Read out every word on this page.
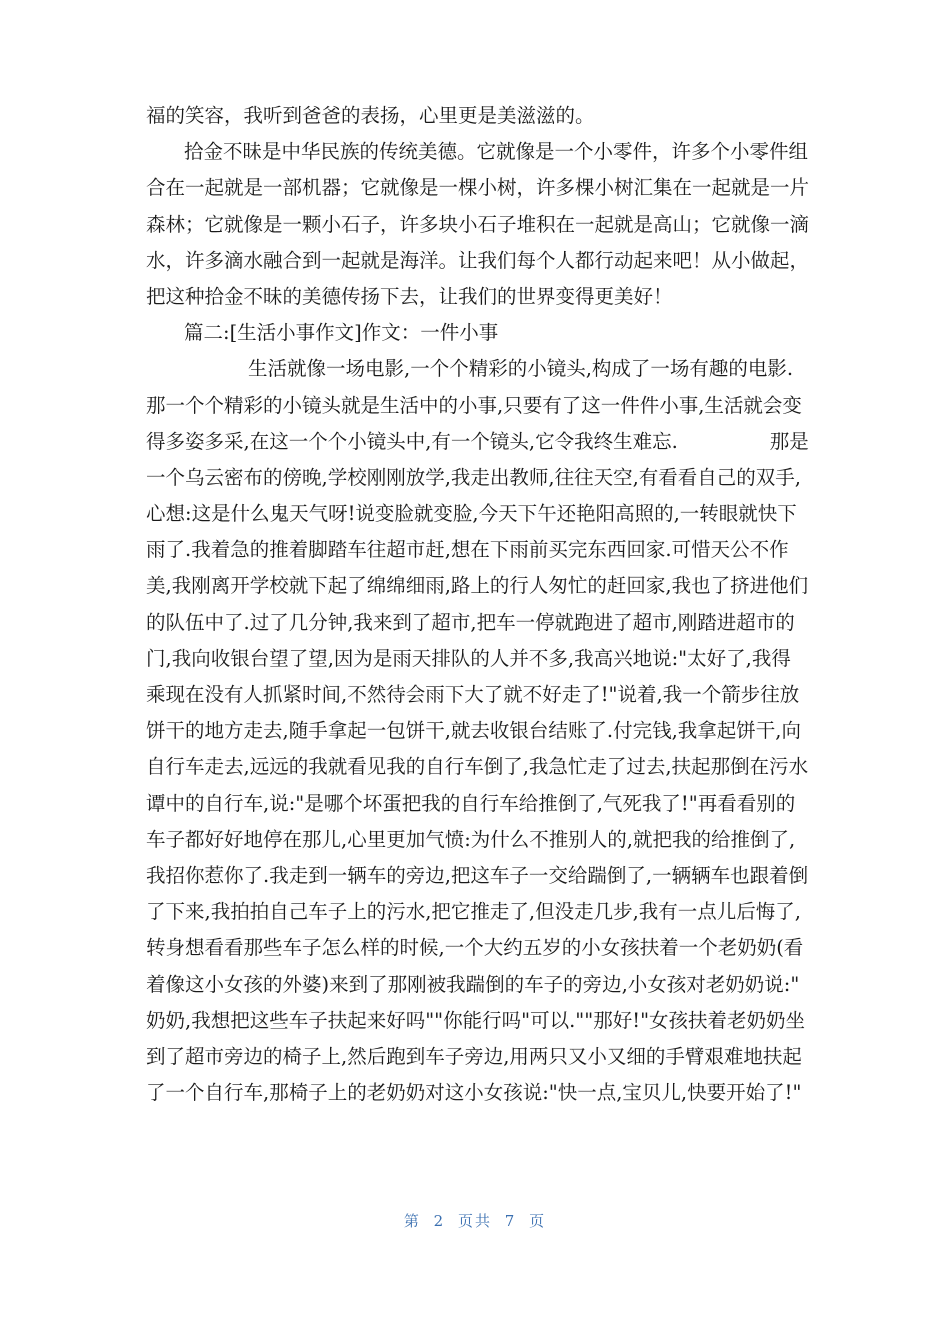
福的笑容，我听到爸爸的表扬，心里更是美滋滋的。
拾金不昧是中华民族的传统美德。它就像是一个小零件，许多个小零件组
合在一起就是一部机器；它就像是一棵小树，许多棵小树汇集在一起就是一片
森林；它就像是一颗小石子，许多块小石子堆积在一起就是高山；它就像一滴
水，许多滴水融合到一起就是海洋。让我们每个人都行动起来吧！从小做起，
把这种拾金不昧的美德传扬下去，让我们的世界变得更美好！
篇二:[生活小事作文]作文：一件小事
生活就像一场电影,一个个精彩的小镜头,构成了一场有趣的电影.
那一个个精彩的小镜头就是生活中的小事,只要有了这一件件小事,生活就会变
得多姿多采,在这一个个小镜头中,有一个镜头,它令我终生难忘.	那是
一个乌云密布的傍晚,学校刚刚放学,我走出教师,往往天空,有看看自己的双手,
心想:这是什么鬼天气呀!说变脸就变脸,今天下午还艳阳高照的,一转眼就快下
雨了.我着急的推着脚踏车往超市赶,想在下雨前买完东西回家.可惜天公不作
美,我刚离开学校就下起了绵绵细雨,路上的行人匆忙的赶回家,我也了挤进他们
的队伍中了.过了几分钟,我来到了超市,把车一停就跑进了超市,刚踏进超市的
门,我向收银台望了望,因为是雨天排队的人并不多,我高兴地说:"太好了,我得
乘现在没有人抓紧时间,不然待会雨下大了就不好走了!"说着,我一个箭步往放
饼干的地方走去,随手拿起一包饼干,就去收银台结账了.付完钱,我拿起饼干,向
自行车走去,远远的我就看见我的自行车倒了,我急忙走了过去,扶起那倒在污水
谭中的自行车,说:"是哪个坏蛋把我的自行车给推倒了,气死我了!"再看看别的
车子都好好地停在那儿,心里更加气愤:为什么不推别人的,就把我的给推倒了,
我招你惹你了.我走到一辆车的旁边,把这车子一交给踹倒了,一辆辆车也跟着倒
了下来,我拍拍自己车子上的污水,把它推走了,但没走几步,我有一点儿后悔了,
转身想看看那些车子怎么样的时候,一个大约五岁的小女孩扶着一个老奶奶(看
着像这小女孩的外婆)来到了那刚被我踹倒的车子的旁边,小女孩对老奶奶说:"
奶奶,我想把这些车子扶起来好吗""你能行吗"可以.""那好!"女孩扶着老奶奶坐
到了超市旁边的椅子上,然后跑到车子旁边,用两只又小又细的手臂艰难地扶起
了一个自行车,那椅子上的老奶奶对这小女孩说:"快一点,宝贝儿,快要开始了!"
第 2 页共 7 页
